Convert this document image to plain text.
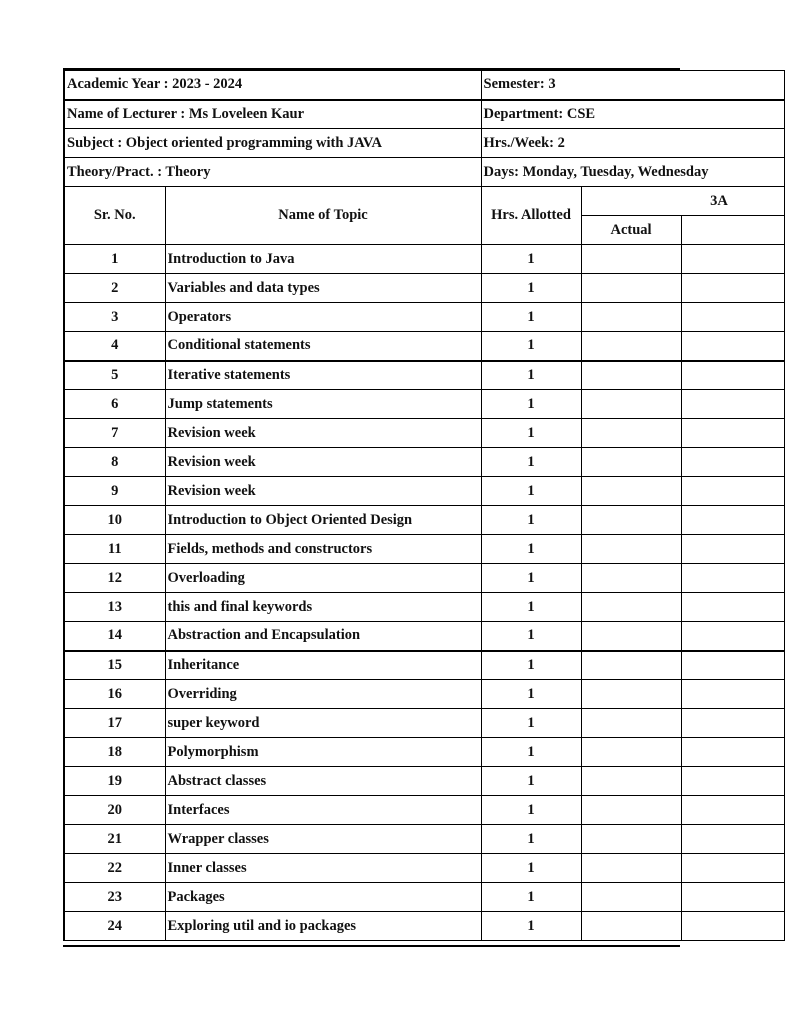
Academic Year : 2023 - 2024		Semester: 3		
Name of Lecturer : Ms Loveleen Kaur		Department: CSE		
Subject : Object oriented programming with JAVA		Hrs./Week: 2		
Theory/Pract. : Theory		Days: Monday, Tuesday, Wednesday		
Sr. No.	Name of Topic	Hrs. Allotted	3A	
			Actual	
1	Introduction to Java	1		
2	Variables and data types	1		
3	Operators	1		
4	Conditional statements	1		
5	Iterative statements	1		
6	Jump statements	1		
7	Revision week	1		
8	Revision week	1		
9	Revision week	1		
10	Introduction to Object Oriented Design	1		
11	Fields, methods and constructors	1		
12	Overloading	1		
13	this and final keywords	1		
14	Abstraction and Encapsulation	1		
15	Inheritance	1		
16	Overriding	1		
17	super keyword	1		
18	Polymorphism	1		
19	Abstract classes	1		
20	Interfaces	1		
21	Wrapper classes	1		
22	Inner classes	1		
23	Packages	1		
24	Exploring util and io packages	1		
